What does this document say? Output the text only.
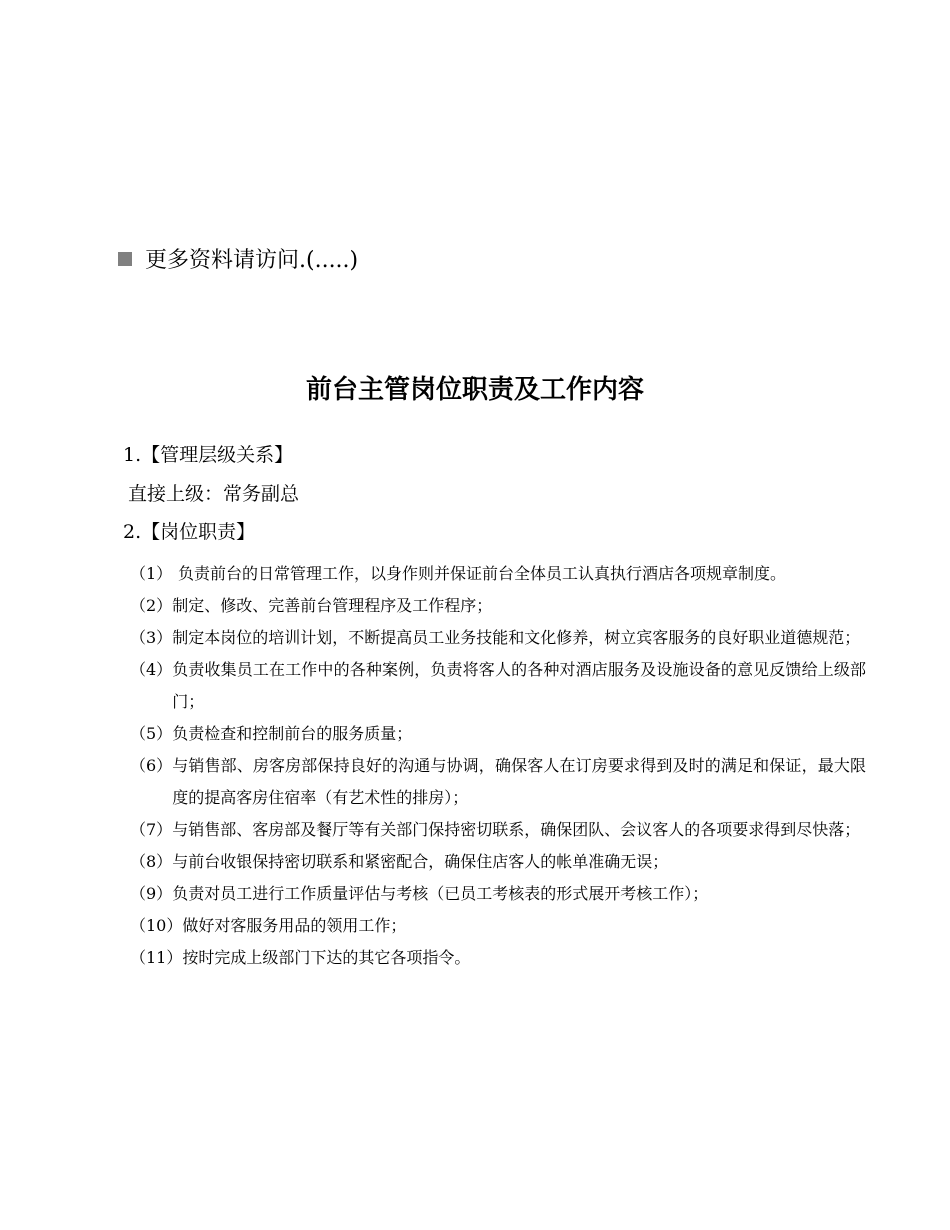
更多资料请访问.(.....)
前台主管岗位职责及工作内容
1.【管理层级关系】
直接上级：常务副总
2.【岗位职责】
（1） 负责前台的日常管理工作，以身作则并保证前台全体员工认真执行酒店各项规章制度。
（2） 制定、修改、完善前台管理程序及工作程序；
（3） 制定本岗位的培训计划，不断提高员工业务技能和文化修养，树立宾客服务的良好职业道德规范；
（4） 负责收集员工在工作中的各种案例，负责将客人的各种对酒店服务及设施设备的意见反馈给上级部门；
（5） 负责检查和控制前台的服务质量；
（6） 与销售部、房客房部保持良好的沟通与协调，确保客人在订房要求得到及时的满足和保证，最大限度的提高客房住宿率（有艺术性的排房）；
（7） 与销售部、客房部及餐厅等有关部门保持密切联系，确保团队、会议客人的各项要求得到尽快落；
（8） 与前台收银保持密切联系和紧密配合，确保住店客人的帐单准确无误；
（9） 负责对员工进行工作质量评估与考核（已员工考核表的形式展开考核工作）；
（10） 做好对客服务用品的领用工作；
（11） 按时完成上级部门下达的其它各项指令。
